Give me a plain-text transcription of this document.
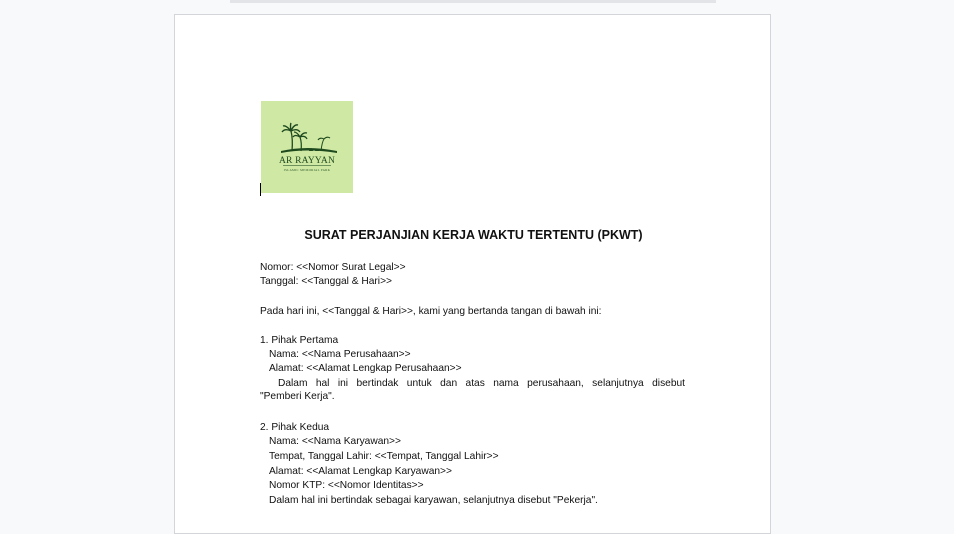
AR RAYYAN
ISLAMIC MEMORIAL PARK
SURAT PERJANJIAN KERJA WAKTU TERTENTU (PKWT)
Nomor: <<Nomor Surat Legal>>
Tanggal: <<Tanggal & Hari>>
Pada hari ini, <<Tanggal & Hari>>, kami yang bertanda tangan di bawah ini:
1. Pihak Pertama
Nama: <<Nama Perusahaan>>
Alamat: <<Alamat Lengkap Perusahaan>>
Dalam hal ini bertindak untuk dan atas nama perusahaan, selanjutnya disebut
"Pemberi Kerja".
2. Pihak Kedua
Nama: <<Nama Karyawan>>
Tempat, Tanggal Lahir: <<Tempat, Tanggal Lahir>>
Alamat: <<Alamat Lengkap Karyawan>>
Nomor KTP: <<Nomor Identitas>>
Dalam hal ini bertindak sebagai karyawan, selanjutnya disebut "Pekerja".
